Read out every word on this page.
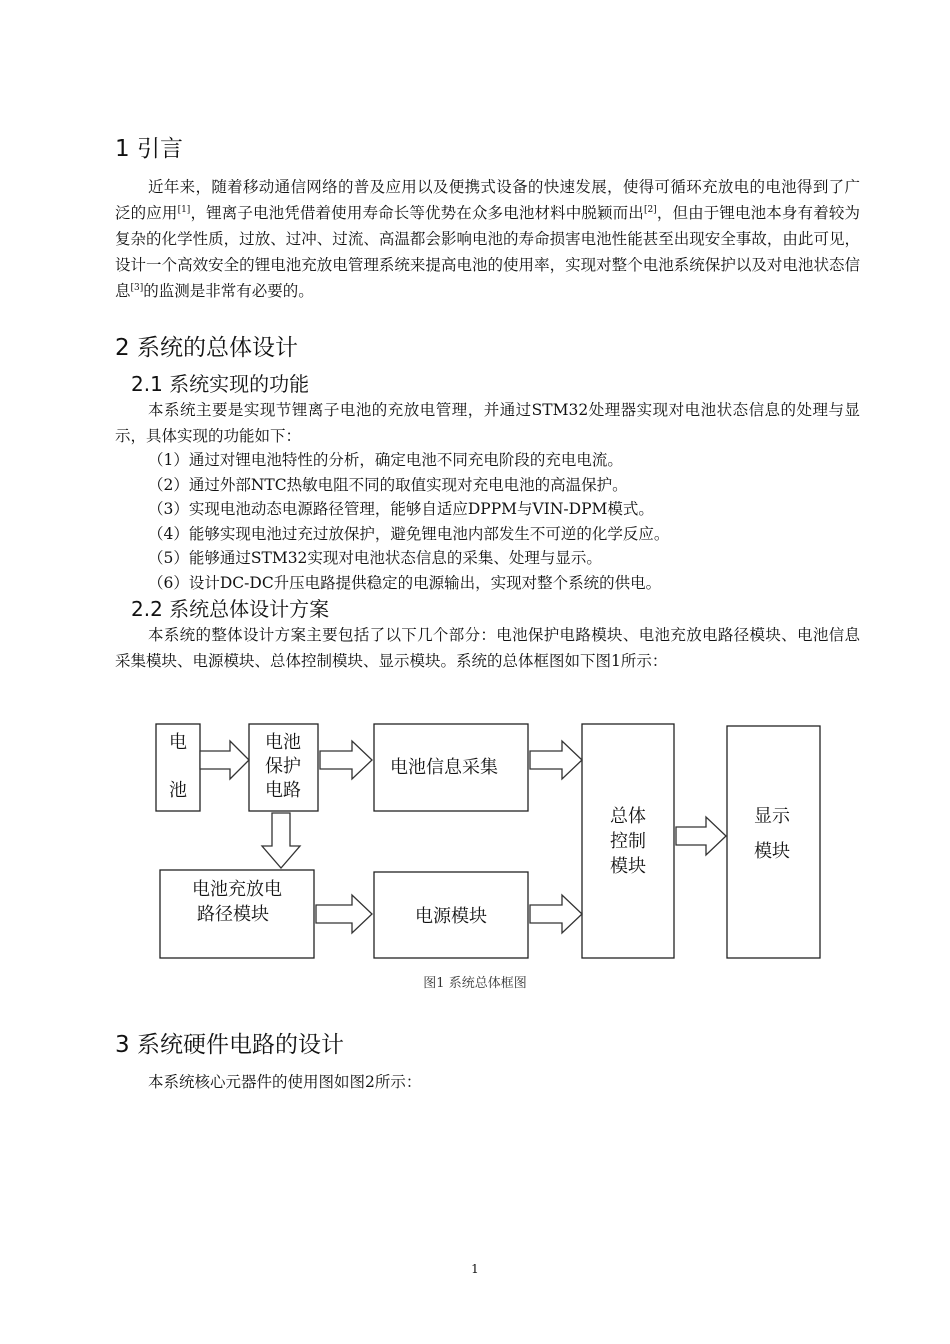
1 引言

近年来，随着移动通信网络的普及应用以及便携式设备的快速发展，使得可循环充放电的电池得到了广泛的应用[1]，锂离子电池凭借着使用寿命长等优势在众多电池材料中脱颖而出[2]，但由于锂电池本身有着较为复杂的化学性质，过放、过冲、过流、高温都会影响电池的寿命损害电池性能甚至出现安全事故，由此可见，设计一个高效安全的锂电池充放电管理系统来提高电池的使用率，实现对整个电池系统保护以及对电池状态信息[3]的监测是非常有必要的。

2 系统的总体设计
2.1 系统实现的功能

本系统主要是实现节锂离子电池的充放电管理，并通过STM32处理器实现对电池状态信息的处理与显示，具体实现的功能如下：

（1）通过对锂电池特性的分析，确定电池不同充电阶段的充电电流。
（2）通过外部NTC热敏电阻不同的取值实现对充电电池的高温保护。
（3）实现电池动态电源路径管理，能够自适应DPPM与VIN-DPM模式。
（4）能够实现电池过充过放保护，避免锂电池内部发生不可逆的化学反应。
（5）能够通过STM32实现对电池状态信息的采集、处理与显示。
（6）设计DC-DC升压电路提供稳定的电源输出，实现对整个系统的供电。
2.2 系统总体设计方案

本系统的整体设计方案主要包括了以下几个部分：电池保护电路模块、电池充放电路径模块、电池信息采集模块、电源模块、总体控制模块、显示模块。系统的总体框图如下图1所示：

电
池
电池
保护
电路
电池信息采集
电池充放电
路径模块	电源模块
总体
控制
模块
显示
模块
图1 系统总体框图
3 系统硬件电路的设计

本系统核心元器件的使用图如图2所示：

1
